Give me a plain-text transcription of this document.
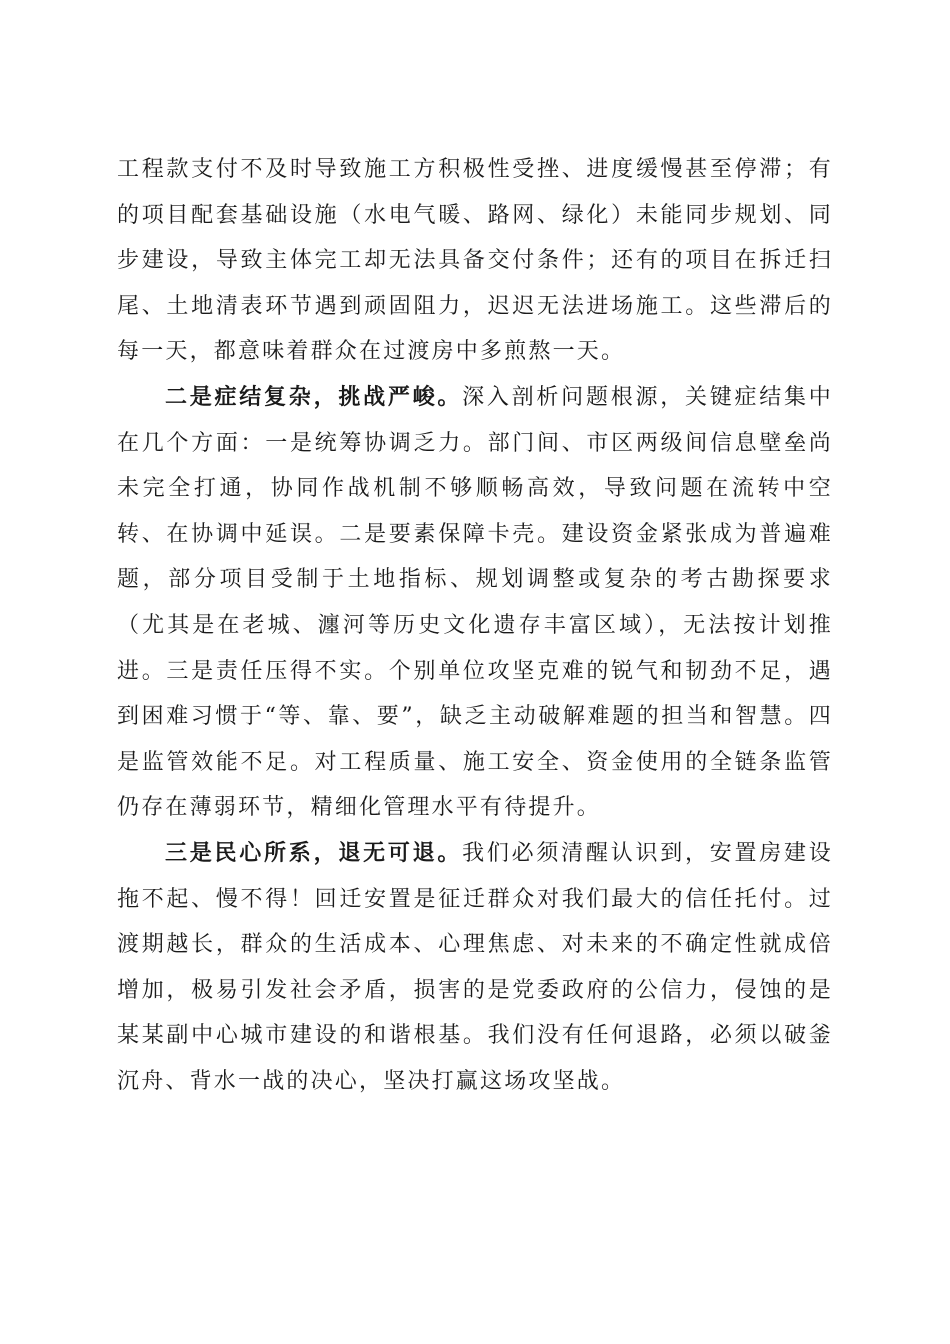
工程款支付不及时导致施工方积极性受挫、进度缓慢甚至停滞；有的项目配套基础设施（水电气暖、路网、绿化）未能同步规划、同步建设，导致主体完工却无法具备交付条件；还有的项目在拆迁扫尾、土地清表环节遇到顽固阻力，迟迟无法进场施工。这些滞后的每一天，都意味着群众在过渡房中多煎熬一天。

二是症结复杂，挑战严峻。深入剖析问题根源，关键症结集中在几个方面：一是统筹协调乏力。部门间、市区两级间信息壁垒尚未完全打通，协同作战机制不够顺畅高效，导致问题在流转中空转、在协调中延误。二是要素保障卡壳。建设资金紧张成为普遍难题，部分项目受制于土地指标、规划调整或复杂的考古勘探要求（尤其是在老城、瀍河等历史文化遗存丰富区域），无法按计划推进。三是责任压得不实。个别单位攻坚克难的锐气和韧劲不足，遇到困难习惯于“等、靠、要”，缺乏主动破解难题的担当和智慧。四是监管效能不足。对工程质量、施工安全、资金使用的全链条监管仍存在薄弱环节，精细化管理水平有待提升。

三是民心所系，退无可退。我们必须清醒认识到，安置房建设拖不起、慢不得！回迁安置是征迁群众对我们最大的信任托付。过渡期越长，群众的生活成本、心理焦虑、对未来的不确定性就成倍增加，极易引发社会矛盾，损害的是党委政府的公信力，侵蚀的是某某副中心城市建设的和谐根基。我们没有任何退路，必须以破釜沉舟、背水一战的决心，坚决打赢这场攻坚战。
